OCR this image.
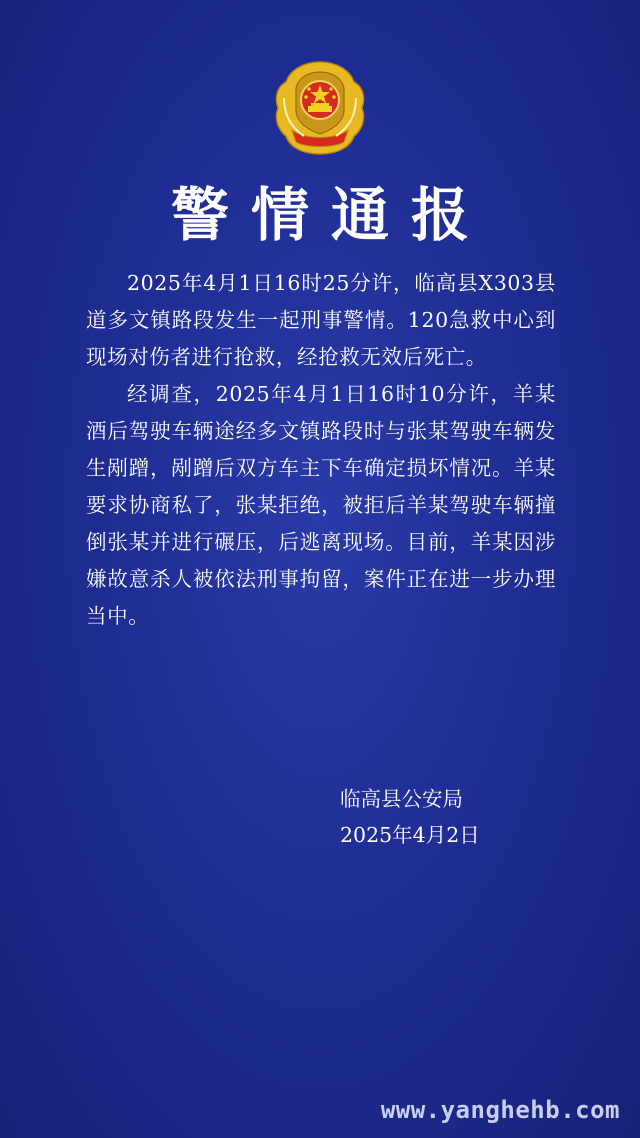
警情通报

2025年4月1日16时25分许，临高县X303县道多文镇路段发生一起刑事警情。120急救中心到现场对伤者进行抢救，经抢救无效后死亡。

经调查，2025年4月1日16时10分许，羊某酒后驾驶车辆途经多文镇路段时与张某驾驶车辆发生剐蹭，剐蹭后双方车主下车确定损坏情况。羊某要求协商私了，张某拒绝，被拒后羊某驾驶车辆撞倒张某并进行碾压，后逃离现场。目前，羊某因涉嫌故意杀人被依法刑事拘留，案件正在进一步办理当中。

临高县公安局
2025年4月2日
www.yanghehb.com
